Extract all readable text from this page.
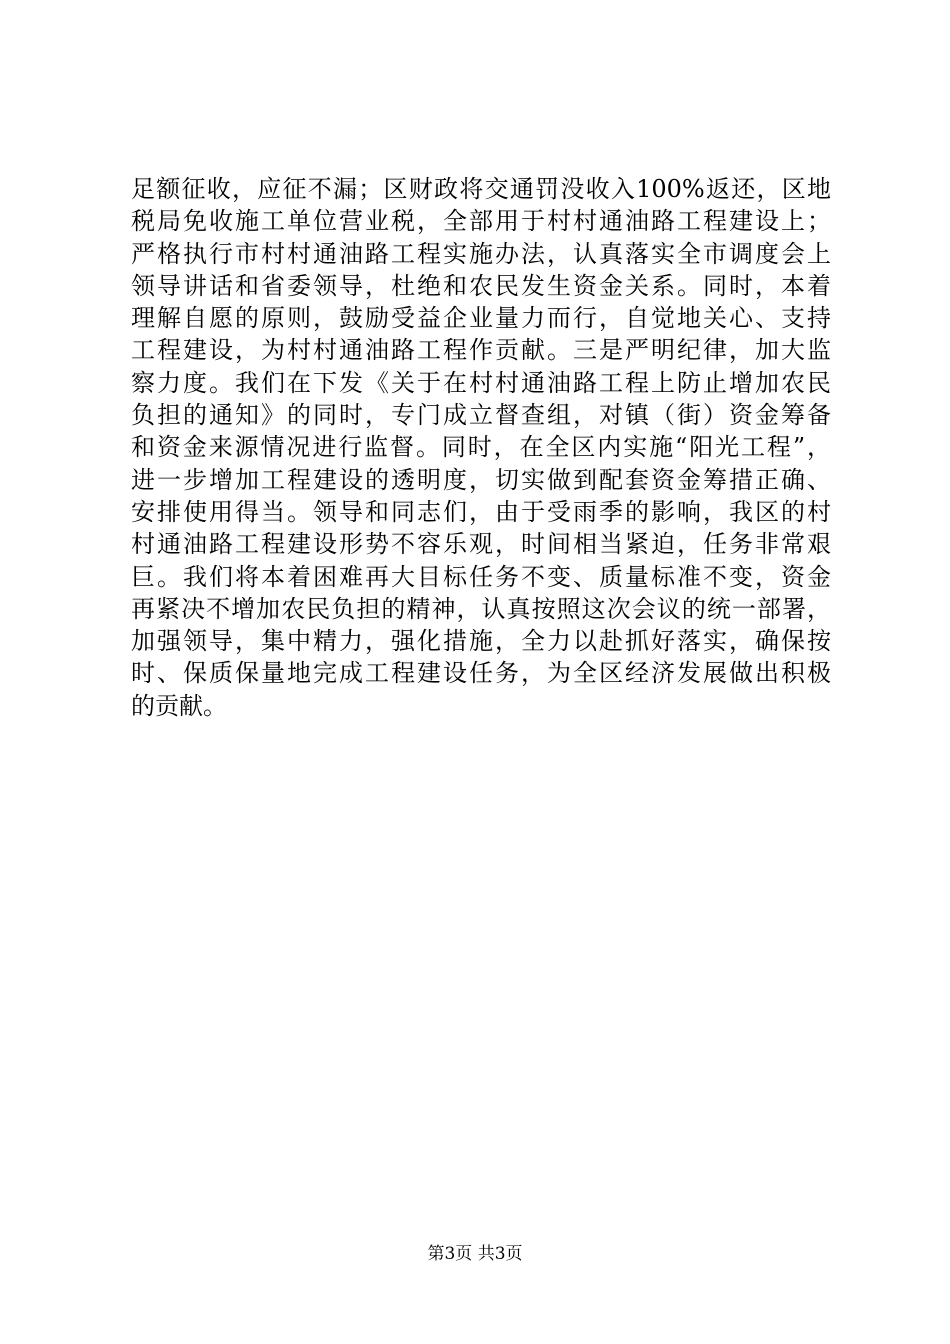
足额征收，应征不漏；区财政将交通罚没收入100%返还，区地
税局免收施工单位营业税，全部用于村村通油路工程建设上；
严格执行市村村通油路工程实施办法，认真落实全市调度会上
领导讲话和省委领导，杜绝和农民发生资金关系。同时，本着
理解自愿的原则，鼓励受益企业量力而行，自觉地关心、支持
工程建设，为村村通油路工程作贡献。三是严明纪律，加大监
察力度。我们在下发《关于在村村通油路工程上防止增加农民
负担的通知》的同时，专门成立督查组，对镇（街）资金筹备
和资金来源情况进行监督。同时，在全区内实施“阳光工程”，
进一步增加工程建设的透明度，切实做到配套资金筹措正确、
安排使用得当。领导和同志们，由于受雨季的影响，我区的村
村通油路工程建设形势不容乐观，时间相当紧迫，任务非常艰
巨。我们将本着困难再大目标任务不变、质量标准不变，资金
再紧决不增加农民负担的精神，认真按照这次会议的统一部署，
加强领导，集中精力，强化措施，全力以赴抓好落实，确保按
时、保质保量地完成工程建设任务，为全区经济发展做出积极
的贡献。
第3页 共3页
